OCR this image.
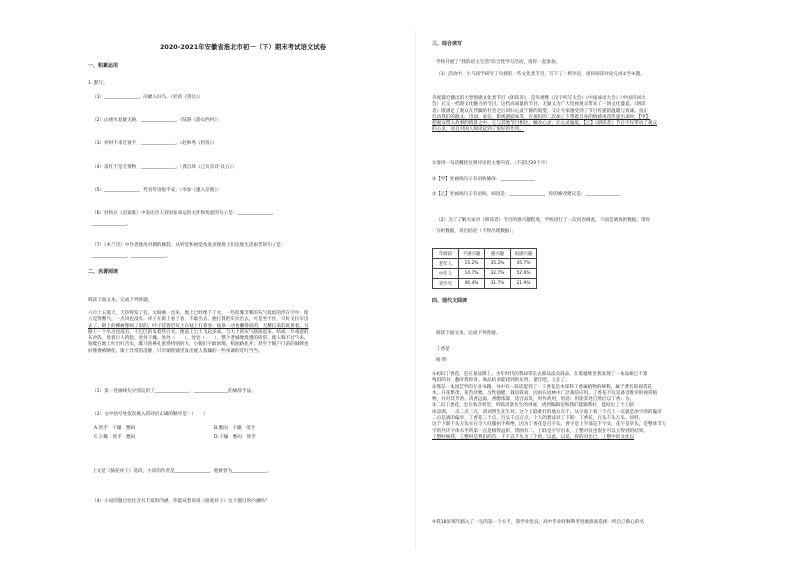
2020-2021年安徽省淮北市初一（下）期末考试语文试卷
一、积累运用
1. 默写。
（1）_______________，决眦入归鸟。（杜甫《望岳》）
（2）山重水复疑无路，_______________。（陆游《游山西村》）
（3）何时不来过夜半，_______________。（赵师秀《约客》）
（4）落红不是无情物，_______________。（龚自珍《己亥杂诗·其五》）
（5）_______________，凭君传语报平安。（岑参《逢入京使》）
（6）杜牧在《泊秦淮》中表达诗人对国家命运的关怀和忧虑的句子是：_______________，
_______________。
（7）《木兰诗》中作者使用对偶的修辞，从听觉和视觉角度表现将士们边地生活艰苦的句子是：
_______________，_______________。
二、名著阅读
阅读下面文本，完成下列各题。
六月十五那天，天热得发了狂。太阳刚一出来，地上已经像下了火。一些似雾非雾的灰气低低的浮在空中，使
人觉得憋气。一点风也没有。祥子在街上看了看，不敢出去。他打算把车拉出去，可是坐不住，只好又拉车出
去了。街上的柳树像病了似的，叶子挂着层灰土在枝上打着卷；枝条一动也懒得动的，无精打采的低垂着。马
路上一个水点也没有，干巴巴的发着些白光。便道上尘土飞起多高，与天上的灰气联接起来，结成一片毒恶的
灰沙阵，烫着行人的脸。处处干燥，处处（　　），处处（　　），整个老城像烧透的砖窑，使人喘不过气来。
狗爬在地上吐出红舌头，骡马的鼻孔张得特别的大，小贩们不敢吆喝，柏油路化开；甚至于铺户门前的铜牌也
好像要被晒化。街上异常的清静，只有铜铁铺里发出使人焦躁的一些单调的叮叮当当。
（1）第一处画线句分别运用了_______________、_______________的修辞手法。
（2）文中括号处依次填入的词语正确的顺序是：（　　）
A.烫手　干燥　憋闷	B.憋闷　干燥　烫手
C.干燥　烫手　憋闷	D.干燥　憋闷　烫手
上文是《骆驼祥子》选段，小说的作者是_______________，他被誉为_______________。
（4）小说的题目往往含有丰富的内涵，你能试着说说《骆驼祥子》这个题目的内涵吗？
三、综合读写
学校开展了“我的语文生活”综合性学习活动，请你一起参加。
（1）活动中，小马同学研究了央视的一些文化类节目，写下了一则评论，请你阅读评论完成①至④题。
央视最近播出的大型情感文化类节目《朗读者》，是央视继《汉字听写大会》《中国成语大会》《中国诗词大
会》后又一档现文化魅力的节目。这档高质量的节目，无疑又为广大电视观众带来了一场文化盛宴。《朗读
者》既满足了观众在浮躁的社会之后回归心灵宁静的渴望，又让大家感受到了节目传递的温暖与真诚。真正
打动我们的散文、诗词、家信，影视剧剧本等，在他们的二次加工下带着自身的情感再次传递出来时，【甲】
把观众带入故事的情景之中。它与其他节目相比，触及心灵，让心灵偏低，【乙】《朗读者》节目不仅带动了观众
的心灵，而且对国人阅读起到了很好的作用。
①请用一句话概括这则评论的主要内容。（不超过20个字）
②【甲】处画线句子有语病修改：_______________
③【乙】处画线句子有语病，病因是：_______________，你的修改建议是：_______________
（2）为了了解大家对《朗读者》节目的感兴趣程度，学校进行了一次问卷调查。下面是调查的数据，请你
分析数据，说出结论（不得出现数据）。
年龄段	不感兴趣	感兴趣	很感兴趣
老年人	15.2%	35.2%	45.7%
中年人	14.7%	32.7%	52.6%
青少年	46.4%	31.7%	21.9%
四、现代文阅读
阅读下面文本，完成下列各题。
丁香花
杨 明
①初识丁香花，是在某品牌上。少年时代的我却常长去那品法卖商品，在废墟堆里我发现了一本品相已不算
残旧的书，翻开我惊喜。商品结多能找到的东西，童年吧，立在了。
②那是一本园艺学的专业书籍，书中有一段话提到了：丁香花是木犀科丁香属植物的统称，属于著名的观赏花
木，开花繁茂，花色淡雅，习性强健，栽培简易，因而在园林中广泛栽培应用，丁香花不仅是备受推崇的观赏植
物，并对其芳香。清香远溢，香醇浓郁，适合品赏，用作药用，用途：用途其处自然后以丁香；为。
③二识丁香花，是在收音机里，听陈涓景先生的讲座，请到编辑室和我们能题系好，能结出了个上联：
冰凉酒，一点二点三点，请刘贤生先生对，这个上联难打的地方在于，从字面上看三个点上一点就是冰字的的偏旁
二点是酒的偏旁，丁香花三个点，百头千点万点，个人的想法对了下联：丁香花，百头千头万头。同样，
这个下联千头万头实在令人叹服拍手称绝，因为丁香花是百字头，香字是上半部是千字头，花字是草头，是整体节万
字的共计字体水平的第一点是相得益彰，带曲有二，上联是字写出来，工整对仗也很在可以立得到的结果。
工整时候我，工整时是我们的首，千千以千头为三个的，以此，以花，将的对比已，工整中的文化以
④我18岁那年踏入了一生的第一个关卡，我学业优良，高中毕业时顺利考进地准备选择一所自己称心的名
